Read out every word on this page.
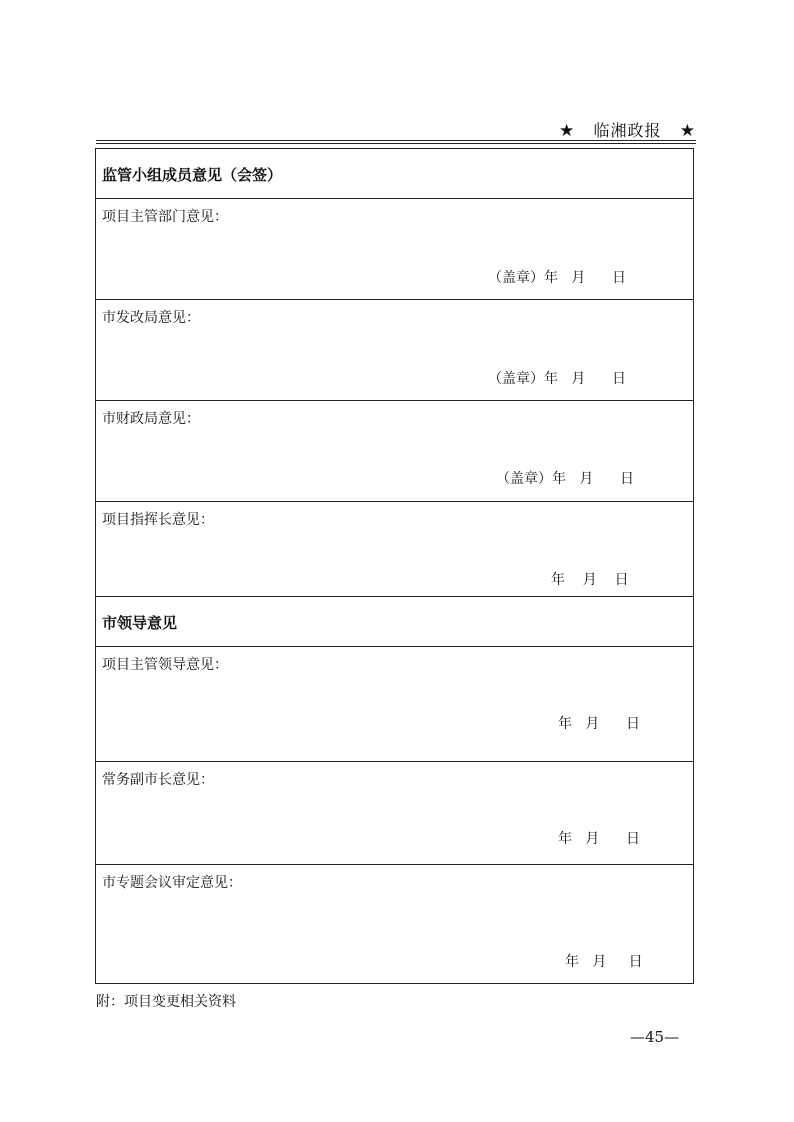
★ 临湘政报 ★
监管小组成员意见（会签）
项目主管部门意见：
（盖章）年   月      日
市发改局意见：
（盖章）年   月      日
市财政局意见：
（盖章）年   月      日
项目指挥长意见：
年    月    日
市领导意见
项目主管领导意见：
年   月      日
常务副市长意见：
年   月      日
市专题会议审定意见：
年   月     日
附：项目变更相关资料
—45—
